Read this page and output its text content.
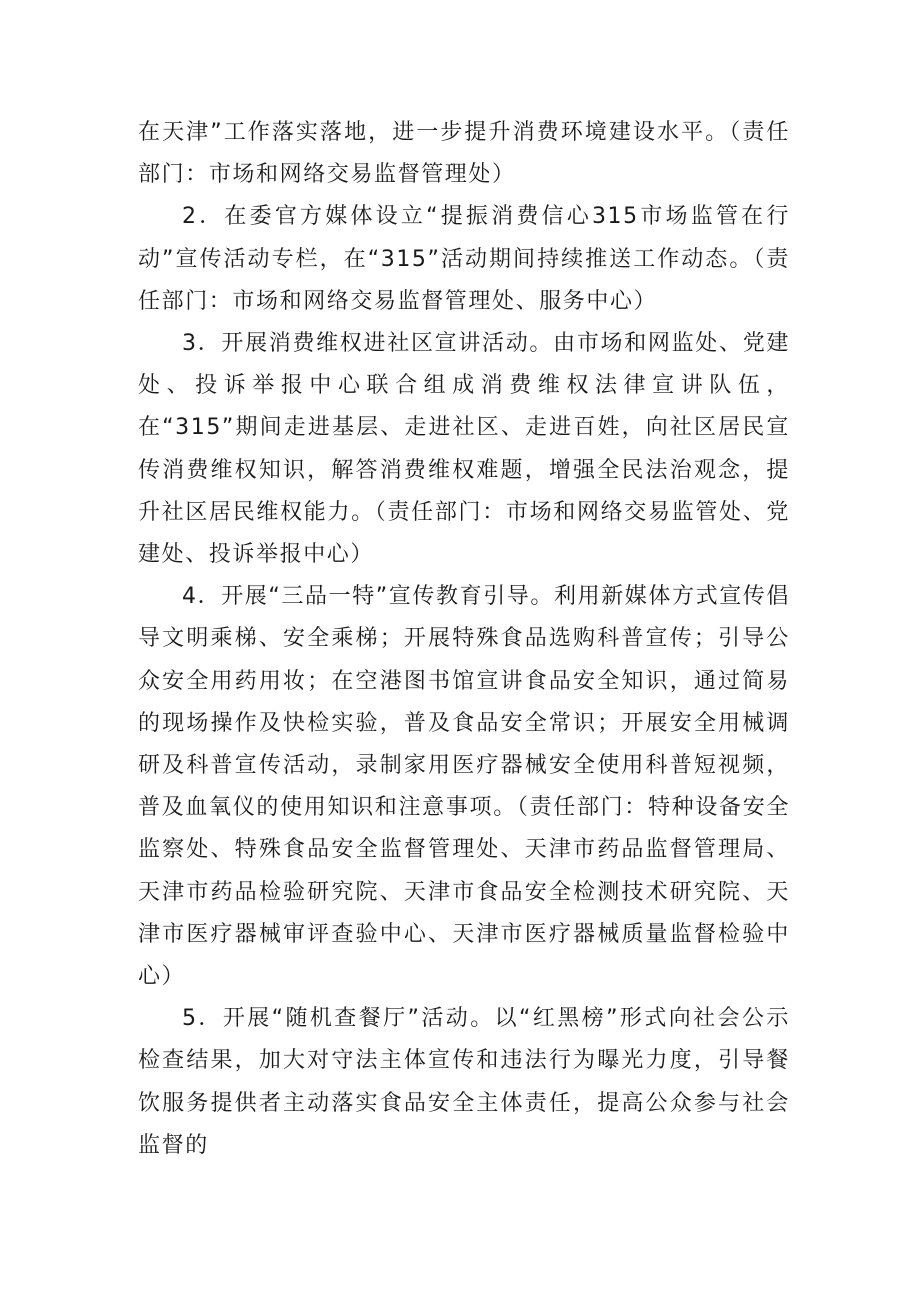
在天津”工作落实落地，进一步提升消费环境建设水平。（责任部门：市场和网络交易监督管理处）

2．在委官方媒体设立“提振消费信心315市场监管在行动”宣传活动专栏，在“315”活动期间持续推送工作动态。（责任部门：市场和网络交易监督管理处、服务中心）

3．开展消费维权进社区宣讲活动。由市场和网监处、党建处、投诉举报中心联合组成消费维权法律宣讲队伍，在“315”期间走进基层、走进社区、走进百姓，向社区居民宣传消费维权知识，解答消费维权难题，增强全民法治观念，提升社区居民维权能力。（责任部门：市场和网络交易监管处、党建处、投诉举报中心）

4．开展“三品一特”宣传教育引导。利用新媒体方式宣传倡导文明乘梯、安全乘梯；开展特殊食品选购科普宣传；引导公众安全用药用妆；在空港图书馆宣讲食品安全知识，通过简易的现场操作及快检实验，普及食品安全常识；开展安全用械调研及科普宣传活动，录制家用医疗器械安全使用科普短视频，普及血氧仪的使用知识和注意事项。（责任部门：特种设备安全监察处、特殊食品安全监督管理处、天津市药品监督管理局、天津市药品检验研究院、天津市食品安全检测技术研究院、天津市医疗器械审评查验中心、天津市医疗器械质量监督检验中心）

5．开展“随机查餐厅”活动。以“红黑榜”形式向社会公示检查结果，加大对守法主体宣传和违法行为曝光力度，引导餐饮服务提供者主动落实食品安全主体责任，提高公众参与社会监督的
